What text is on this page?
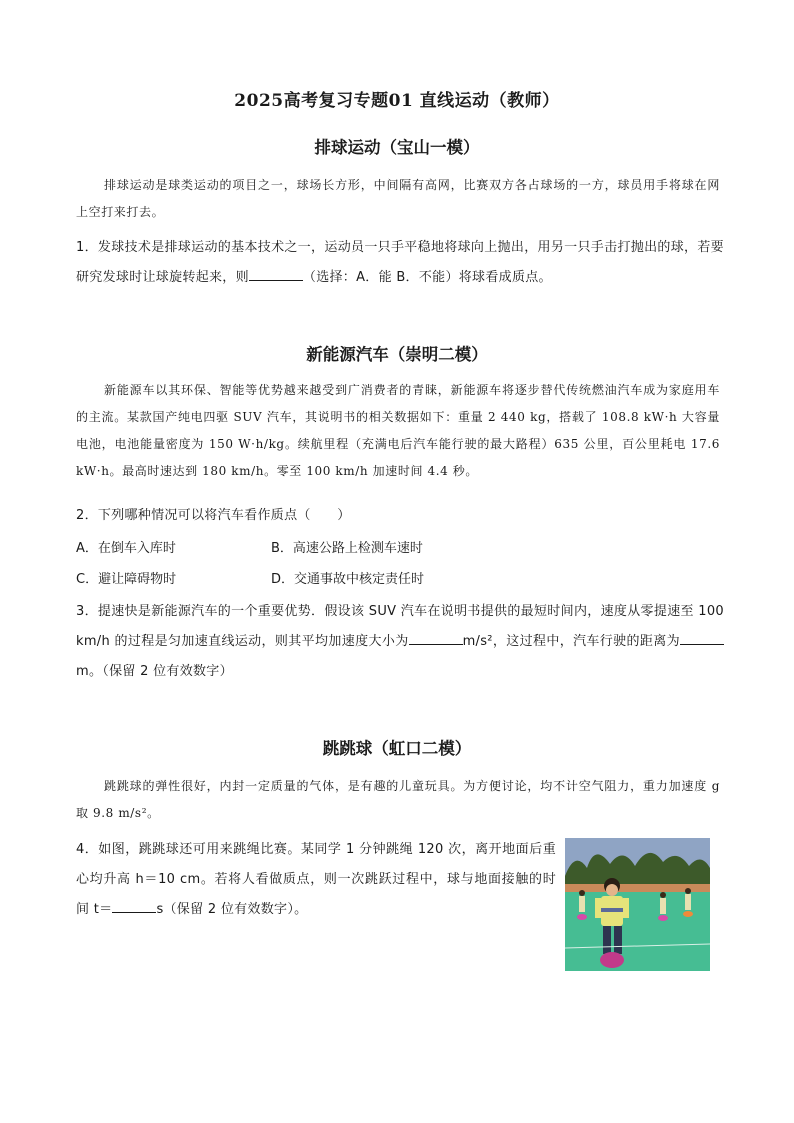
2025高考复习专题01 直线运动（教师）
排球运动（宝山一模）
排球运动是球类运动的项目之一，球场长方形，中间隔有高网，比赛双方各占球场的一方，球员用手将球在网上空打来打去。
1．发球技术是排球运动的基本技术之一，运动员一只手平稳地将球向上抛出，用另一只手击打抛出的球，若要研究发球时让球旋转起来，则	（选择：A．能 B．不能）将球看成质点。
新能源汽车（崇明二模）
新能源车以其环保、智能等优势越来越受到广消费者的青睐，新能源车将逐步替代传统燃油汽车成为家庭用车的主流。某款国产纯电四驱 SUV 汽车，其说明书的相关数据如下：重量 2 440 kg，搭载了 108.8 kW·h 大容量电池，电池能量密度为 150 W·h/kg。续航里程（充满电后汽车能行驶的最大路程）635 公里，百公里耗电 17.6 kW·h。最高时速达到 180 km/h。零至 100 km/h 加速时间 4.4 秒。
2．下列哪种情况可以将汽车看作质点（　　）
A．在倒车入库时	B．高速公路上检测车速时
C．避让障碍物时	D．交通事故中核定责任时
3．提速快是新能源汽车的一个重要优势．假设该 SUV 汽车在说明书提供的最短时间内，速度从零提速至 100 km/h 的过程是匀加速直线运动，则其平均加速度大小为	m/s²，这过程中，汽车行驶的距离为m。（保留 2 位有效数字）
跳跳球（虹口二模）
跳跳球的弹性很好，内封一定质量的气体，是有趣的儿童玩具。为方便讨论，均不计空气阻力，重力加速度 g 取 9.8 m/s²。
4．如图，跳跳球还可用来跳绳比赛。某同学 1 分钟跳绳 120 次，离开地面后重心均升高 h＝10 cm。若将人看做质点，则一次跳跃过程中，球与地面接触的时间 t＝	s（保留 2 位有效数字）。
